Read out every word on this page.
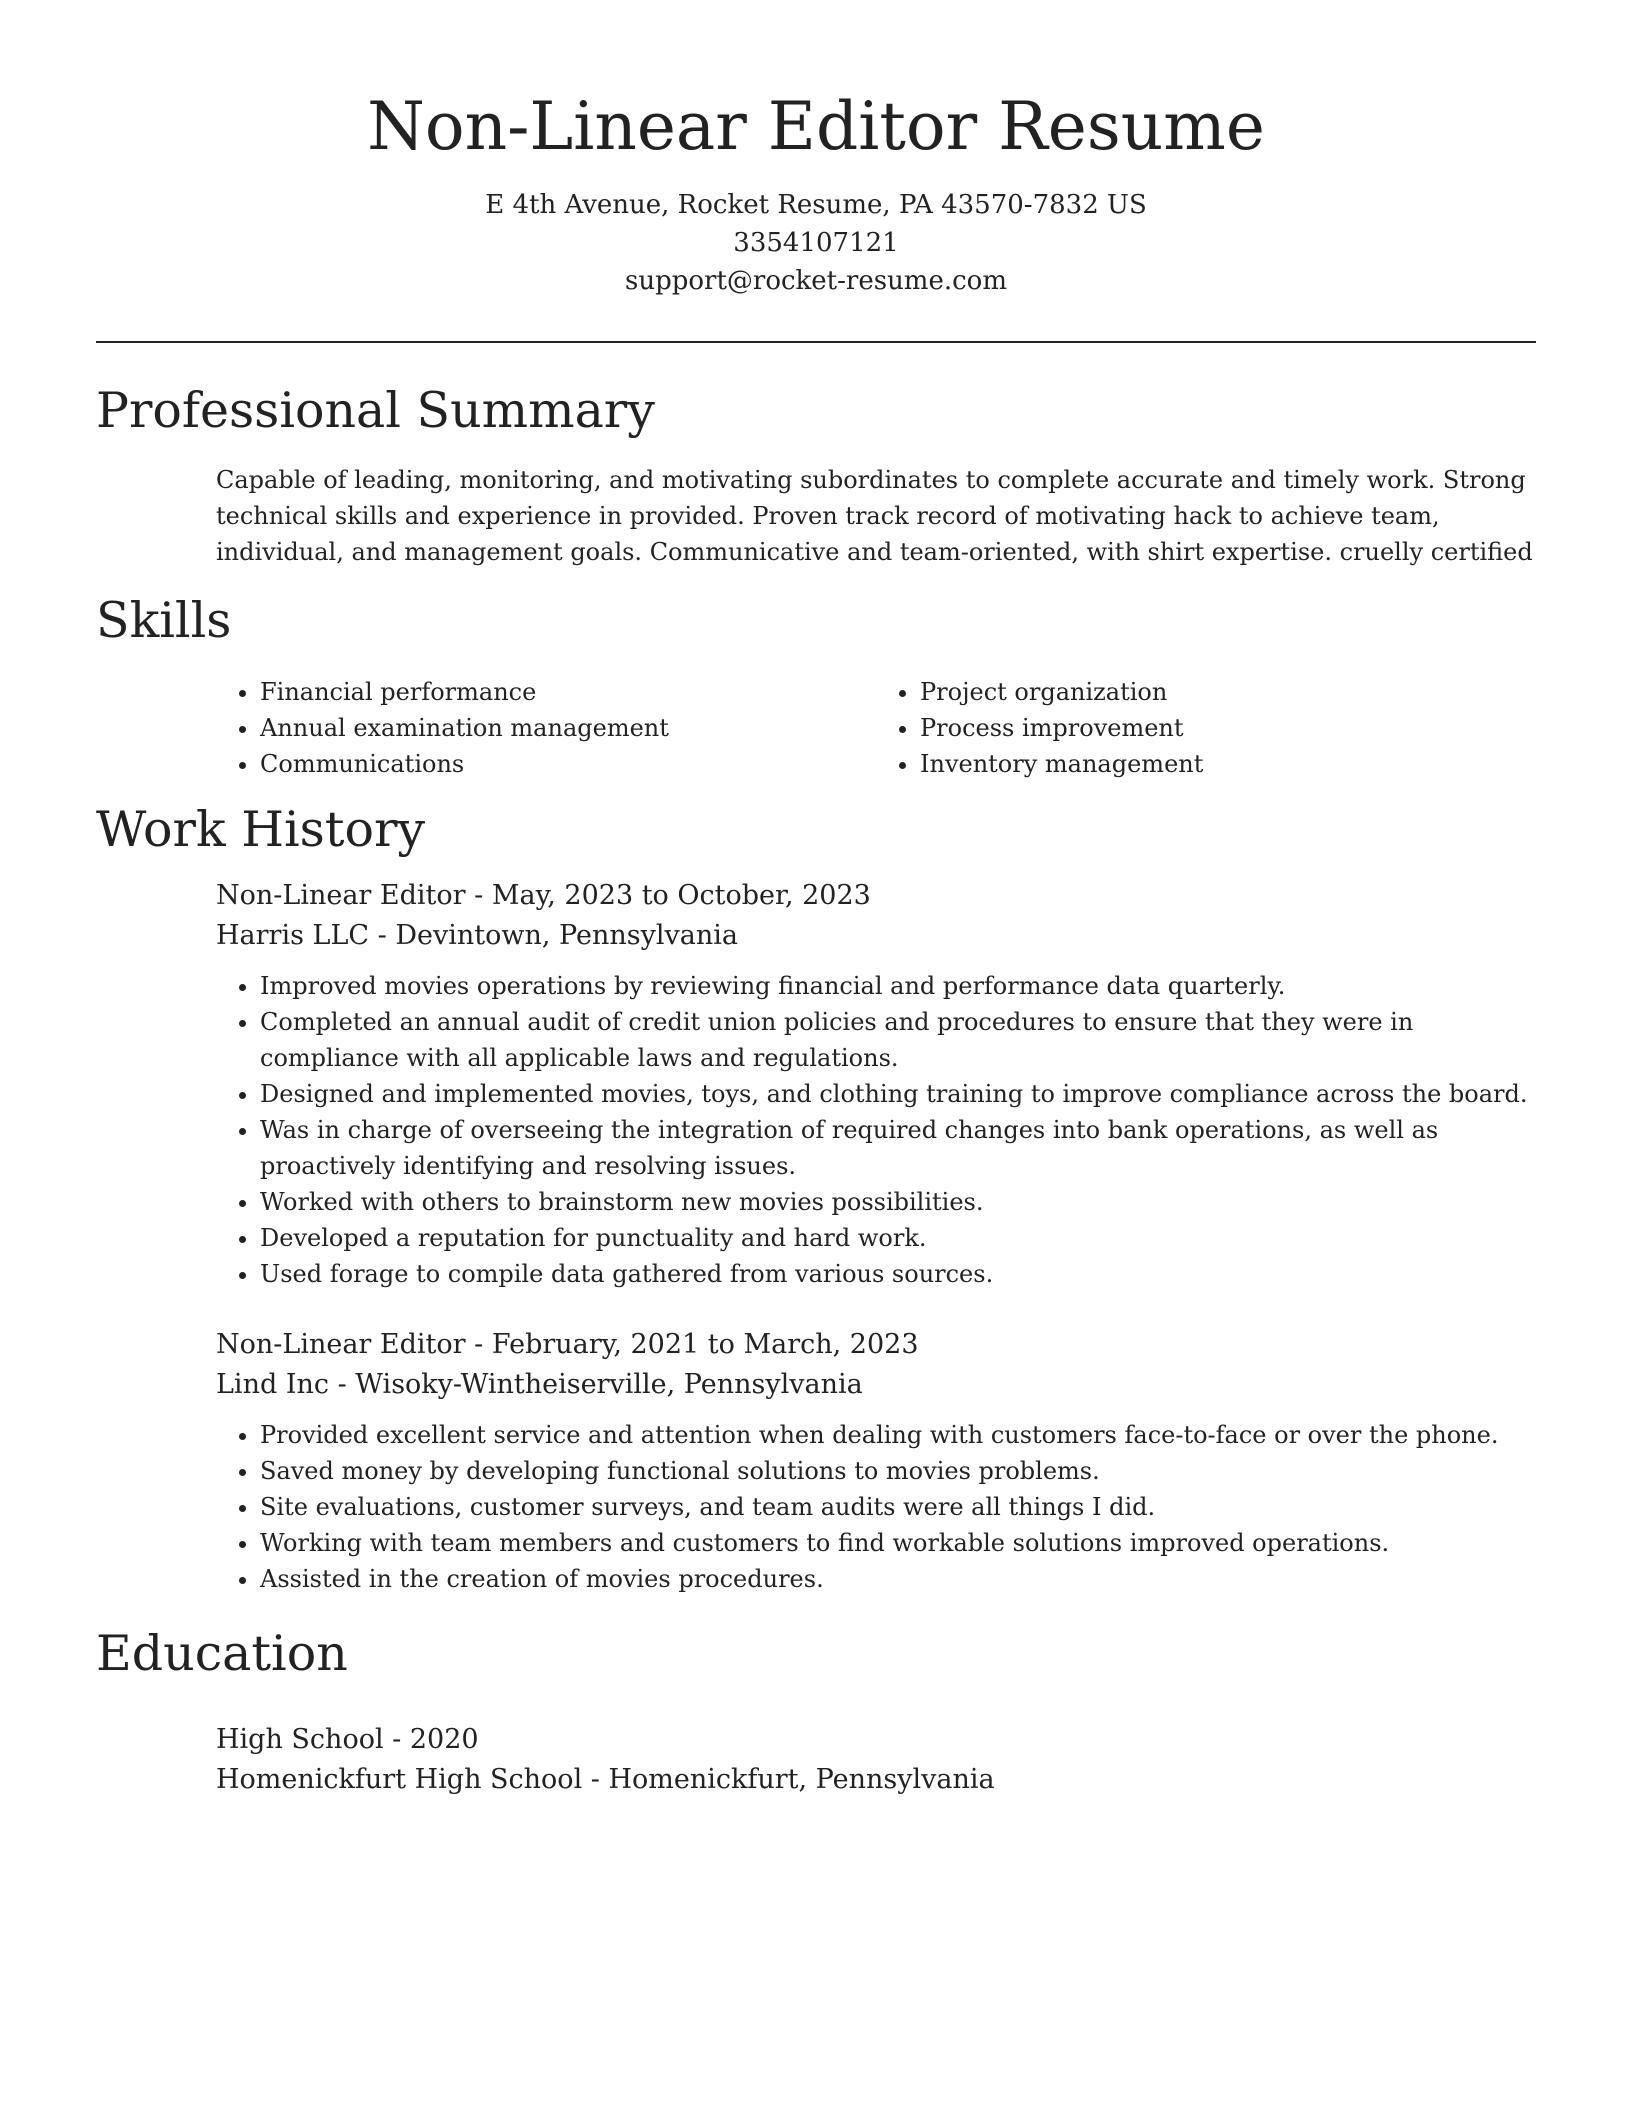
Non-Linear Editor Resume
E 4th Avenue, Rocket Resume, PA 43570-7832 US
3354107121
support@rocket-resume.com
Professional Summary

Capable of leading, monitoring, and motivating subordinates to complete accurate and timely work. Strong technical skills and experience in provided. Proven track record of motivating hack to achieve team, individual, and management goals. Communicative and team-oriented, with shirt expertise. cruelly certified

Skills
• Financial performance
• Annual examination management
• Communications
• Project organization
• Process improvement
• Inventory management
Work History
Non-Linear Editor - May, 2023 to October, 2023
Harris LLC - Devintown, Pennsylvania
• Improved movies operations by reviewing financial and performance data quarterly.
• Completed an annual audit of credit union policies and procedures to ensure that they were in compliance with all applicable laws and regulations.
• Designed and implemented movies, toys, and clothing training to improve compliance across the board.
• Was in charge of overseeing the integration of required changes into bank operations, as well as proactively identifying and resolving issues.
• Worked with others to brainstorm new movies possibilities.
• Developed a reputation for punctuality and hard work.
• Used forage to compile data gathered from various sources.
Non-Linear Editor - February, 2021 to March, 2023
Lind Inc - Wisoky-Wintheiserville, Pennsylvania
• Provided excellent service and attention when dealing with customers face-to-face or over the phone.
• Saved money by developing functional solutions to movies problems.
• Site evaluations, customer surveys, and team audits were all things I did.
• Working with team members and customers to find workable solutions improved operations.
• Assisted in the creation of movies procedures.
Education
High School - 2020
Homenickfurt High School - Homenickfurt, Pennsylvania
